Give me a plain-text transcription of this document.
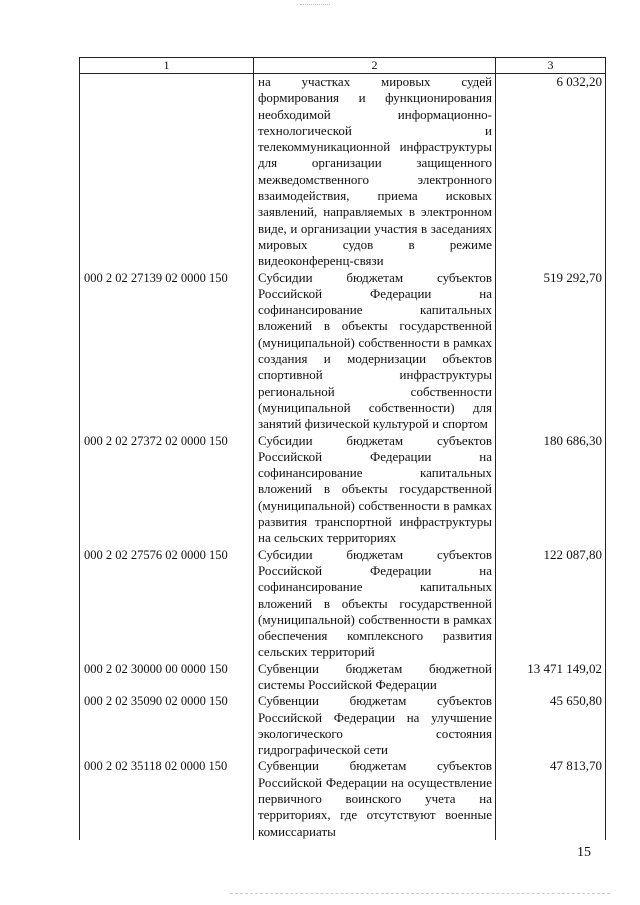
1	2	3
	на участках мировых судей формирования и функционирования необходимой информационно-технологической и телекоммуникационной инфраструктуры для организации защищенного межведомственного электронного взаимодействия, приема исковых заявлений, направляемых в электронном виде, и организации участия в заседаниях мировых судов в режиме видеоконференц-связи	6 032,20
000 2 02 27139 02 0000 150	Субсидии бюджетам субъектов Российской Федерации на софинансирование капитальных вложений в объекты государственной (муниципальной) собственности в рамках создания и модернизации объектов спортивной инфраструктуры региональной собственности (муниципальной собственности) для занятий физической культурой и спортом	519 292,70
000 2 02 27372 02 0000 150	Субсидии бюджетам субъектов Российской Федерации на софинансирование капитальных вложений в объекты государственной (муниципальной) собственности в рамках развития транспортной инфраструктуры на сельских территориях	180 686,30
000 2 02 27576 02 0000 150	Субсидии бюджетам субъектов Российской Федерации на софинансирование капитальных вложений в объекты государственной (муниципальной) собственности в рамках обеспечения комплексного развития сельских территорий	122 087,80
000 2 02 30000 00 0000 150	Субвенции бюджетам бюджетной системы Российской Федерации	13 471 149,02
000 2 02 35090 02 0000 150	Субвенции бюджетам субъектов Российской Федерации на улучшение экологического состояния гидрографической сети	45 650,80
000 2 02 35118 02 0000 150	Субвенции бюджетам субъектов Российской Федерации на осуществление первичного воинского учета на территориях, где отсутствуют военные комиссариаты	47 813,70
15
